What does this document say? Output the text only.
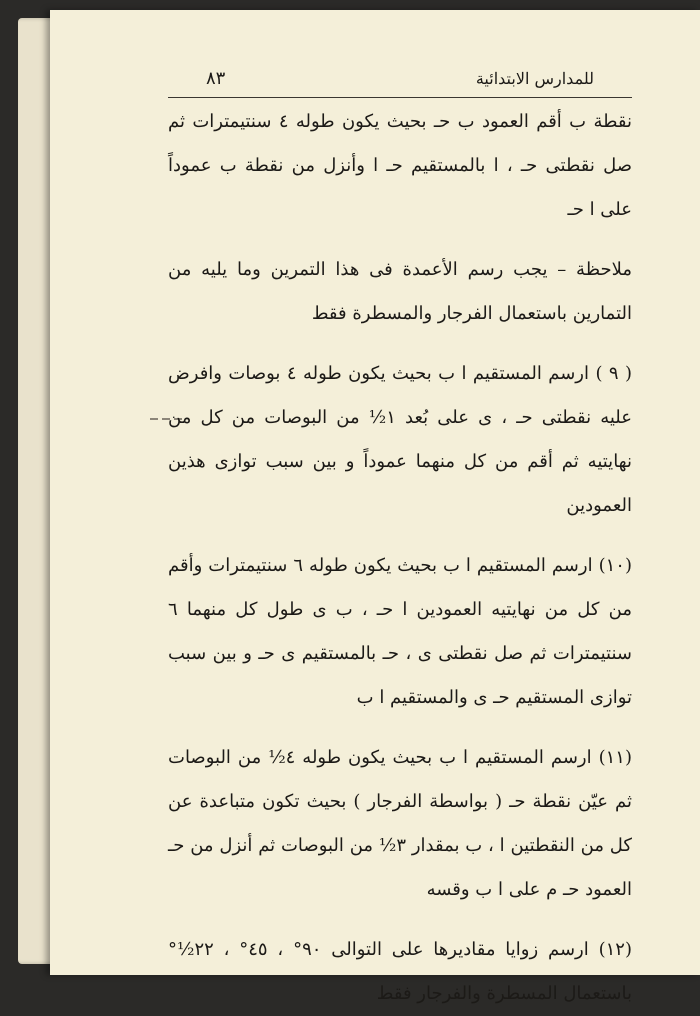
للمدارس الابتدائية
٨٣

نقطة ب أقم العمود ب حـ بحيث يكون طوله ٤ سنتيمترات ثم صل نقطتى حـ ، ا بالمستقيم حـ ا وأنزل من نقطة ب عموداً على ا حـ

ملاحظة – يجب رسم الأعمدة فى هذا التمرين وما يليه من التمارين باستعمال الفرجار والمسطرة فقط

( ٩ ) ارسم المستقيم ا ب بحيث يكون طوله ٤ بوصات وافرض عليه نقطتى حـ ، ى على بُعد ١½ من البوصات من كل من نهايتيه ثم أقم من كل منهما عموداً و بين سبب توازى هذين العمودين

(١٠) ارسم المستقيم ا ب بحيث يكون طوله ٦ سنتيمترات وأقم من كل من نهايتيه العمودين ا حـ ، ب ى طول كل منهما ٦ سنتيمترات ثم صل نقطتى ى ، حـ بالمستقيم ى حـ و بين سبب توازى المستقيم حـ ى والمستقيم ا ب

(١١) ارسم المستقيم ا ب بحيث يكون طوله ٤½ من البوصات ثم عيّن نقطة حـ ( بواسطة الفرجار ) بحيث تكون متباعدة عن كل من النقطتين ا ، ب بمقدار ٣½ من البوصات ثم أنزل من حـ العمود حـ م على ا ب وقسه

(١٢) ارسم زوايا مقاديرها على التوالى ٩٠° ، ٤٥° ، ٢٢½° باستعمال المسطرة والفرجار فقط
